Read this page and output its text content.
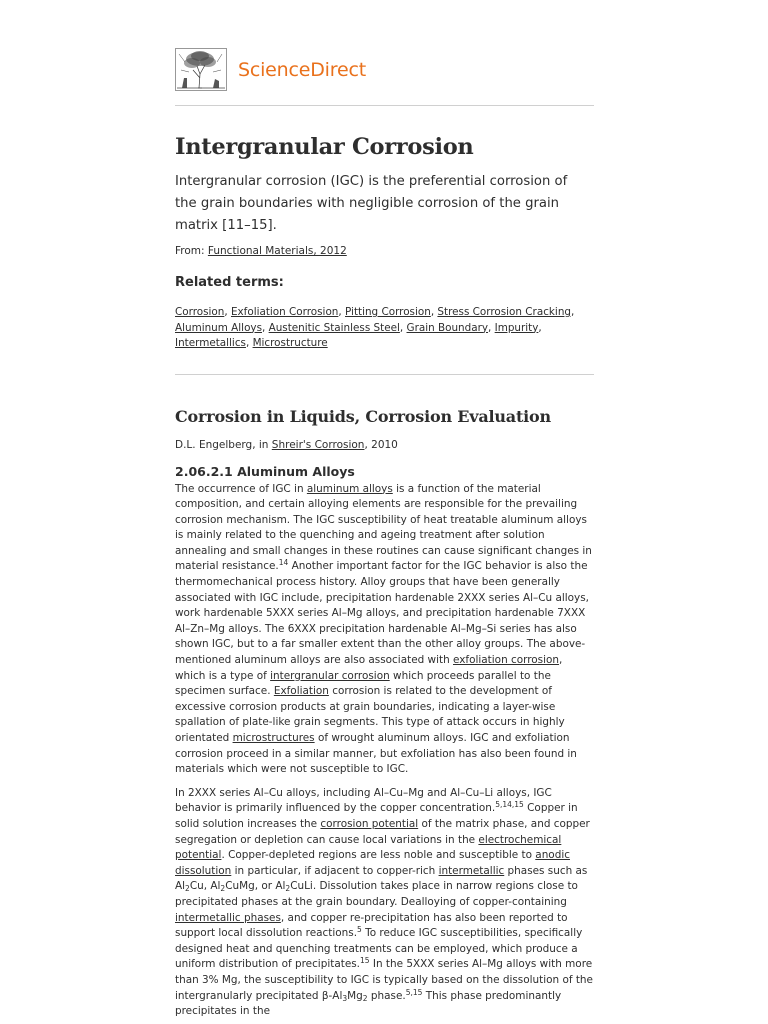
ScienceDirect
Intergranular Corrosion

Intergranular corrosion (IGC) is the preferential corrosion of the grain boundaries with negligible corrosion of the grain matrix [11–15].

From: Functional Materials, 2012

Related terms:
Corrosion, Exfoliation Corrosion, Pitting Corrosion, Stress Corrosion Cracking, Aluminum Alloys, Austenitic Stainless Steel, Grain Boundary, Impurity, Intermetallics, Microstructure
Corrosion in Liquids, Corrosion Evaluation

D.L. Engelberg, in Shreir's Corrosion, 2010

2.06.2.1 Aluminum Alloys

The occurrence of IGC in aluminum alloys is a function of the material composition, and certain alloying elements are responsible for the prevailing corrosion mechanism. The IGC susceptibility of heat treatable aluminum alloys is mainly related to the quenching and ageing treatment after solution annealing and small changes in these routines can cause significant changes in material resistance.$^{14}$ Another important factor for the IGC behavior is also the thermomechanical process history. Alloy groups that have been generally associated with IGC include, precipitation hardenable 2XXX series Al–Cu alloys, work hardenable 5XXX series Al–Mg alloys, and precipitation hardenable 7XXX Al–Zn–Mg alloys. The 6XXX precipitation hardenable Al–Mg–Si series has also shown IGC, but to a far smaller extent than the other alloy groups. The above-mentioned aluminum alloys are also associated with exfoliation corrosion, which is a type of intergranular corrosion which proceeds parallel to the specimen surface. Exfoliation corrosion is related to the development of excessive corrosion products at grain boundaries, indicating a layer-wise spallation of plate-like grain segments. This type of attack occurs in highly orientated microstructures of wrought aluminum alloys. IGC and exfoliation corrosion proceed in a similar manner, but exfoliation has also been found in materials which were not susceptible to IGC.

In 2XXX series Al–Cu alloys, including Al–Cu–Mg and Al–Cu–Li alloys, IGC behavior is primarily influenced by the copper concentration.$^{5,14,15}$ Copper in solid solution increases the corrosion potential of the matrix phase, and copper segregation or depletion can cause local variations in the electrochemical potential. Copper-depleted regions are less noble and susceptible to anodic dissolution in particular, if adjacent to copper-rich intermetallic phases such as $Al_2Cu$, $Al_2CuMg$, or $Al_2CuLi$. Dissolution takes place in narrow regions close to precipitated phases at the grain boundary. Dealloying of copper-containing intermetallic phases, and copper re-precipitation has also been reported to support local dissolution reactions.$^5$ To reduce IGC susceptibilities, specifically designed heat and quenching treatments can be employed, which produce a uniform distribution of precipitates.$^{15}$ In the 5XXX series Al–Mg alloys with more than 3% Mg, the susceptibility to IGC is typically based on the dissolution of the intergranularly precipitated $\beta-Al_3Mg_2$ phase.$^{5,15}$ This phase predominantly precipitates in the
